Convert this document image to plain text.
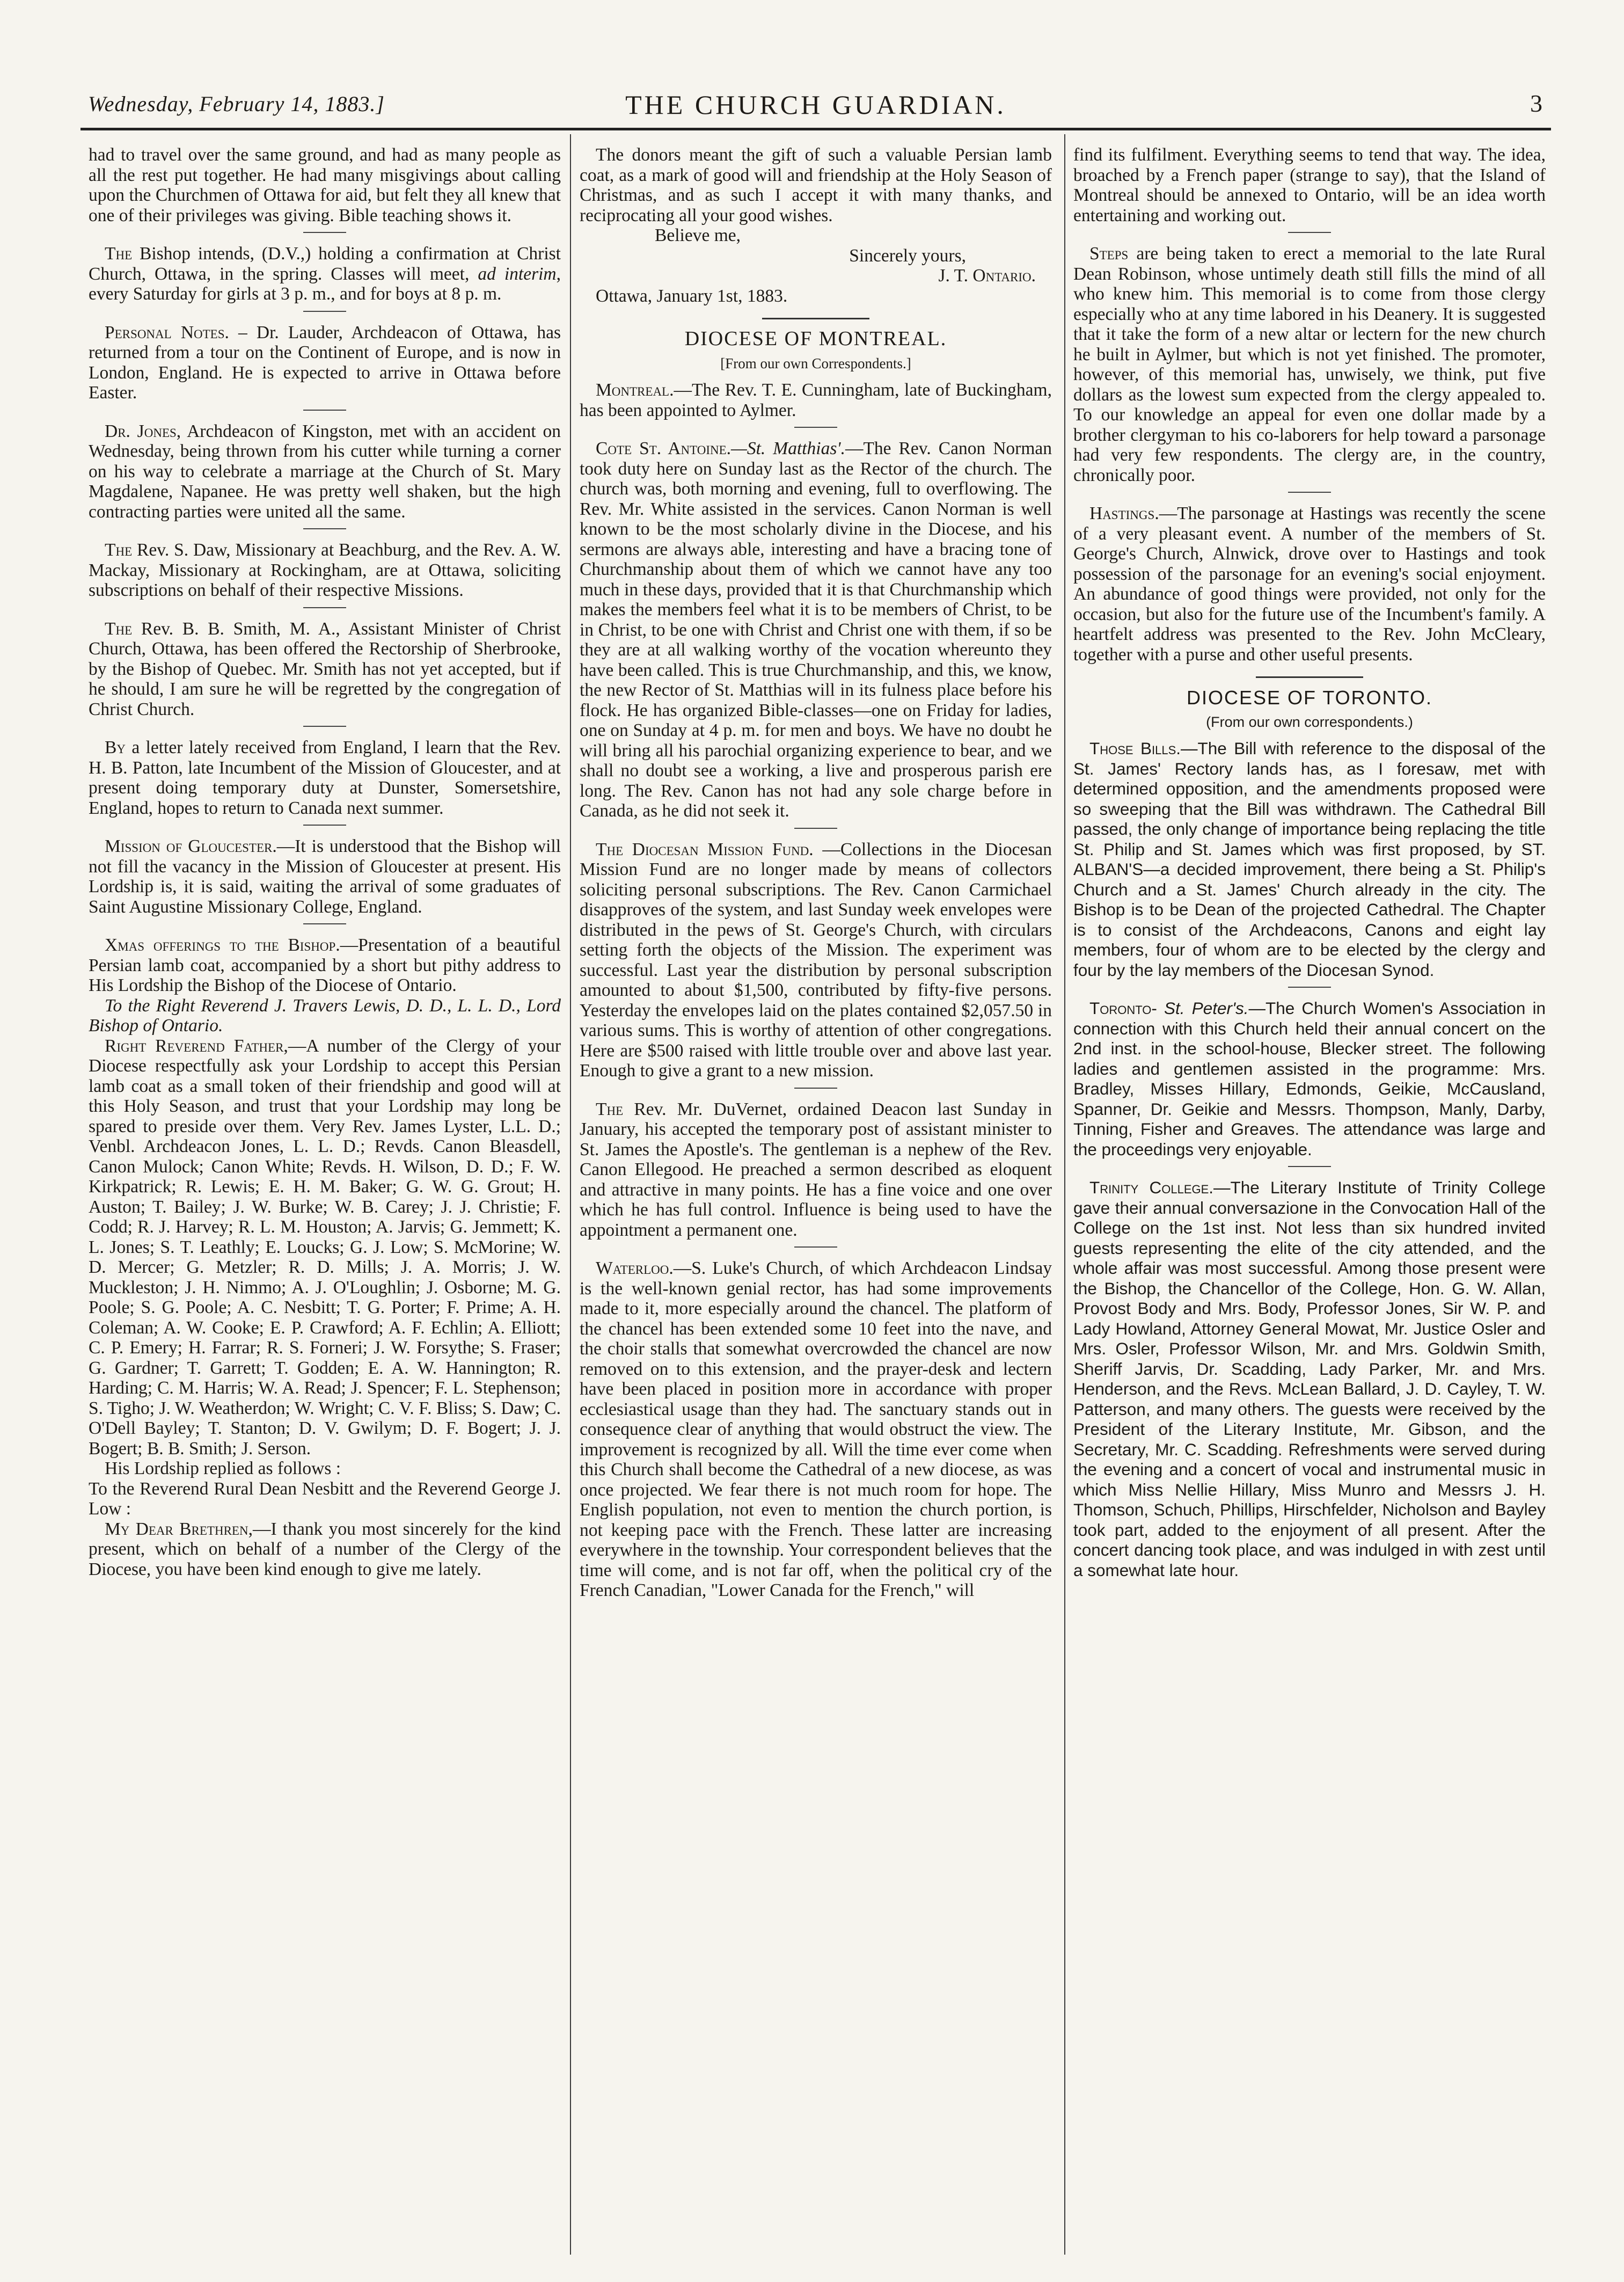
Wednesday, February 14, 1883.]	THE CHURCH GUARDIAN.	3

had to travel over the same ground, and had as many people as all the rest put together. He had many misgivings about calling upon the Churchmen of Ottawa for aid, but felt they all knew that one of their privileges was giving. Bible teaching shows it.

The Bishop intends, (D.V.,) holding a confirmation at Christ Church, Ottawa, in the spring. Classes will meet, ad interim, every Saturday for girls at 3 p. m., and for boys at 8 p. m.

Personal Notes. – Dr. Lauder, Archdeacon of Ottawa, has returned from a tour on the Continent of Europe, and is now in London, England. He is expected to arrive in Ottawa before Easter.

Dr. Jones, Archdeacon of Kingston, met with an accident on Wednesday, being thrown from his cutter while turning a corner on his way to celebrate a marriage at the Church of St. Mary Magdalene, Napanee. He was pretty well shaken, but the high contracting parties were united all the same.

The Rev. S. Daw, Missionary at Beachburg, and the Rev. A. W. Mackay, Missionary at Rockingham, are at Ottawa, soliciting subscriptions on behalf of their respective Missions.

The Rev. B. B. Smith, M. A., Assistant Minister of Christ Church, Ottawa, has been offered the Rectorship of Sherbrooke, by the Bishop of Quebec. Mr. Smith has not yet accepted, but if he should, I am sure he will be regretted by the congregation of Christ Church.

By a letter lately received from England, I learn that the Rev. H. B. Patton, late Incumbent of the Mission of Gloucester, and at present doing temporary duty at Dunster, Somersetshire, England, hopes to return to Canada next summer.

Mission of Gloucester.—It is understood that the Bishop will not fill the vacancy in the Mission of Gloucester at present. His Lordship is, it is said, waiting the arrival of some graduates of Saint Augustine Missionary College, England.

Xmas offerings to the Bishop.—Presentation of a beautiful Persian lamb coat, accompanied by a short but pithy address to His Lordship the Bishop of the Diocese of Ontario.

To the Right Reverend J. Travers Lewis, D. D., L. L. D., Lord Bishop of Ontario.

Right Reverend Father,—A number of the Clergy of your Diocese respectfully ask your Lordship to accept this Persian lamb coat as a small token of their friendship and good will at this Holy Season, and trust that your Lordship may long be spared to preside over them. Very Rev. James Lyster, L.L. D.; Venbl. Archdeacon Jones, L. L. D.; Revds. Canon Bleasdell, Canon Mulock; Canon White; Revds. H. Wilson, D. D.; F. W. Kirkpatrick; R. Lewis; E. H. M. Baker; G. W. G. Grout; H. Auston; T. Bailey; J. W. Burke; W. B. Carey; J. J. Christie; F. Codd; R. J. Harvey; R. L. M. Houston; A. Jarvis; G. Jemmett; K. L. Jones; S. T. Leathly; E. Loucks; G. J. Low; S. McMorine; W. D. Mercer; G. Metzler; R. D. Mills; J. A. Morris; J. W. Muckleston; J. H. Nimmo; A. J. O'Loughlin; J. Osborne; M. G. Poole; S. G. Poole; A. C. Nesbitt; T. G. Porter; F. Prime; A. H. Coleman; A. W. Cooke; E. P. Crawford; A. F. Echlin; A. Elliott; C. P. Emery; H. Farrar; R. S. Forneri; J. W. Forsythe; S. Fraser; G. Gardner; T. Garrett; T. Godden; E. A. W. Hannington; R. Harding; C. M. Harris; W. A. Read; J. Spencer; F. L. Stephenson; S. Tigho; J. W. Weatherdon; W. Wright; C. V. F. Bliss; S. Daw; C. O'Dell Bayley; T. Stanton; D. V. Gwilym; D. F. Bogert; J. J. Bogert; B. B. Smith; J. Serson.

His Lordship replied as follows :

To the Reverend Rural Dean Nesbitt and the Reverend George J. Low :

My Dear Brethren,—I thank you most sincerely for the kind present, which on behalf of a number of the Clergy of the Diocese, you have been kind enough to give me lately.

The donors meant the gift of such a valuable Persian lamb coat, as a mark of good will and friendship at the Holy Season of Christmas, and as such I accept it with many thanks, and reciprocating all your good wishes.

Believe me,

Sincerely yours,

J. T. Ontario.

Ottawa, January 1st, 1883.

DIOCESE OF MONTREAL.
[From our own Correspondents.]

Montreal.—The Rev. T. E. Cunningham, late of Buckingham, has been appointed to Aylmer.

Cote St. Antoine.—St. Matthias'.—The Rev. Canon Norman took duty here on Sunday last as the Rector of the church. The church was, both morning and evening, full to overflowing. The Rev. Mr. White assisted in the services. Canon Norman is well known to be the most scholarly divine in the Diocese, and his sermons are always able, interesting and have a bracing tone of Churchmanship about them of which we cannot have any too much in these days, provided that it is that Churchmanship which makes the members feel what it is to be members of Christ, to be in Christ, to be one with Christ and Christ one with them, if so be they are at all walking worthy of the vocation whereunto they have been called. This is true Churchmanship, and this, we know, the new Rector of St. Matthias will in its fulness place before his flock. He has organized Bible-classes—one on Friday for ladies, one on Sunday at 4 p. m. for men and boys. We have no doubt he will bring all his parochial organizing experience to bear, and we shall no doubt see a working, a live and prosperous parish ere long. The Rev. Canon has not had any sole charge before in Canada, as he did not seek it.

The Diocesan Mission Fund. —Collections in the Diocesan Mission Fund are no longer made by means of collectors soliciting personal subscriptions. The Rev. Canon Carmichael disapproves of the system, and last Sunday week envelopes were distributed in the pews of St. George's Church, with circulars setting forth the objects of the Mission. The experiment was successful. Last year the distribution by personal subscription amounted to about $1,500, contributed by fifty-five persons. Yesterday the envelopes laid on the plates contained $2,057.50 in various sums. This is worthy of attention of other congregations. Here are $500 raised with little trouble over and above last year. Enough to give a grant to a new mission.

The Rev. Mr. DuVernet, ordained Deacon last Sunday in January, his accepted the temporary post of assistant minister to St. James the Apostle's. The gentleman is a nephew of the Rev. Canon Ellegood. He preached a sermon described as eloquent and attractive in many points. He has a fine voice and one over which he has full control. Influence is being used to have the appointment a permanent one.

Waterloo.—S. Luke's Church, of which Archdeacon Lindsay is the well-known genial rector, has had some improvements made to it, more especially around the chancel. The platform of the chancel has been extended some 10 feet into the nave, and the choir stalls that somewhat overcrowded the chancel are now removed on to this extension, and the prayer-desk and lectern have been placed in position more in accordance with proper ecclesiastical usage than they had. The sanctuary stands out in consequence clear of anything that would obstruct the view. The improvement is recognized by all. Will the time ever come when this Church shall become the Cathedral of a new diocese, as was once projected. We fear there is not much room for hope. The English population, not even to mention the church portion, is not keeping pace with the French. These latter are increasing everywhere in the township. Your correspondent believes that the time will come, and is not far off, when the political cry of the French Canadian, "Lower Canada for the French," will

find its fulfilment. Everything seems to tend that way. The idea, broached by a French paper (strange to say), that the Island of Montreal should be annexed to Ontario, will be an idea worth entertaining and working out.

Steps are being taken to erect a memorial to the late Rural Dean Robinson, whose untimely death still fills the mind of all who knew him. This memorial is to come from those clergy especially who at any time labored in his Deanery. It is suggested that it take the form of a new altar or lectern for the new church he built in Aylmer, but which is not yet finished. The promoter, however, of this memorial has, unwisely, we think, put five dollars as the lowest sum expected from the clergy appealed to. To our knowledge an appeal for even one dollar made by a brother clergyman to his co-laborers for help toward a parsonage had very few respondents. The clergy are, in the country, chronically poor.

Hastings.—The parsonage at Hastings was recently the scene of a very pleasant event. A number of the members of St. George's Church, Alnwick, drove over to Hastings and took possession of the parsonage for an evening's social enjoyment. An abundance of good things were provided, not only for the occasion, but also for the future use of the Incumbent's family. A heartfelt address was presented to the Rev. John McCleary, together with a purse and other useful presents.

DIOCESE OF TORONTO.
(From our own correspondents.)

Those Bills.—The Bill with reference to the disposal of the St. James' Rectory lands has, as I foresaw, met with determined opposition, and the amendments proposed were so sweeping that the Bill was withdrawn. The Cathedral Bill passed, the only change of importance being replacing the title St. Philip and St. James which was first proposed, by ST. ALBAN'S—a decided improvement, there being a St. Philip's Church and a St. James' Church already in the city. The Bishop is to be Dean of the projected Cathedral. The Chapter is to consist of the Archdeacons, Canons and eight lay members, four of whom are to be elected by the clergy and four by the lay members of the Diocesan Synod.

Toronto- St. Peter's.—The Church Women's Association in connection with this Church held their annual concert on the 2nd inst. in the school-house, Blecker street. The following ladies and gentlemen assisted in the programme: Mrs. Bradley, Misses Hillary, Edmonds, Geikie, McCausland, Spanner, Dr. Geikie and Messrs. Thompson, Manly, Darby, Tinning, Fisher and Greaves. The attendance was large and the proceedings very enjoyable.

Trinity College.—The Literary Institute of Trinity College gave their annual conversazione in the Convocation Hall of the College on the 1st inst. Not less than six hundred invited guests representing the elite of the city attended, and the whole affair was most successful. Among those present were the Bishop, the Chancellor of the College, Hon. G. W. Allan, Provost Body and Mrs. Body, Professor Jones, Sir W. P. and Lady Howland, Attorney General Mowat, Mr. Justice Osler and Mrs. Osler, Professor Wilson, Mr. and Mrs. Goldwin Smith, Sheriff Jarvis, Dr. Scadding, Lady Parker, Mr. and Mrs. Henderson, and the Revs. McLean Ballard, J. D. Cayley, T. W. Patterson, and many others. The guests were received by the President of the Literary Institute, Mr. Gibson, and the Secretary, Mr. C. Scadding. Refreshments were served during the evening and a concert of vocal and instrumental music in which Miss Nellie Hillary, Miss Munro and Messrs J. H. Thomson, Schuch, Phillips, Hirschfelder, Nicholson and Bayley took part, added to the enjoyment of all present. After the concert dancing took place, and was indulged in with zest until a somewhat late hour.
